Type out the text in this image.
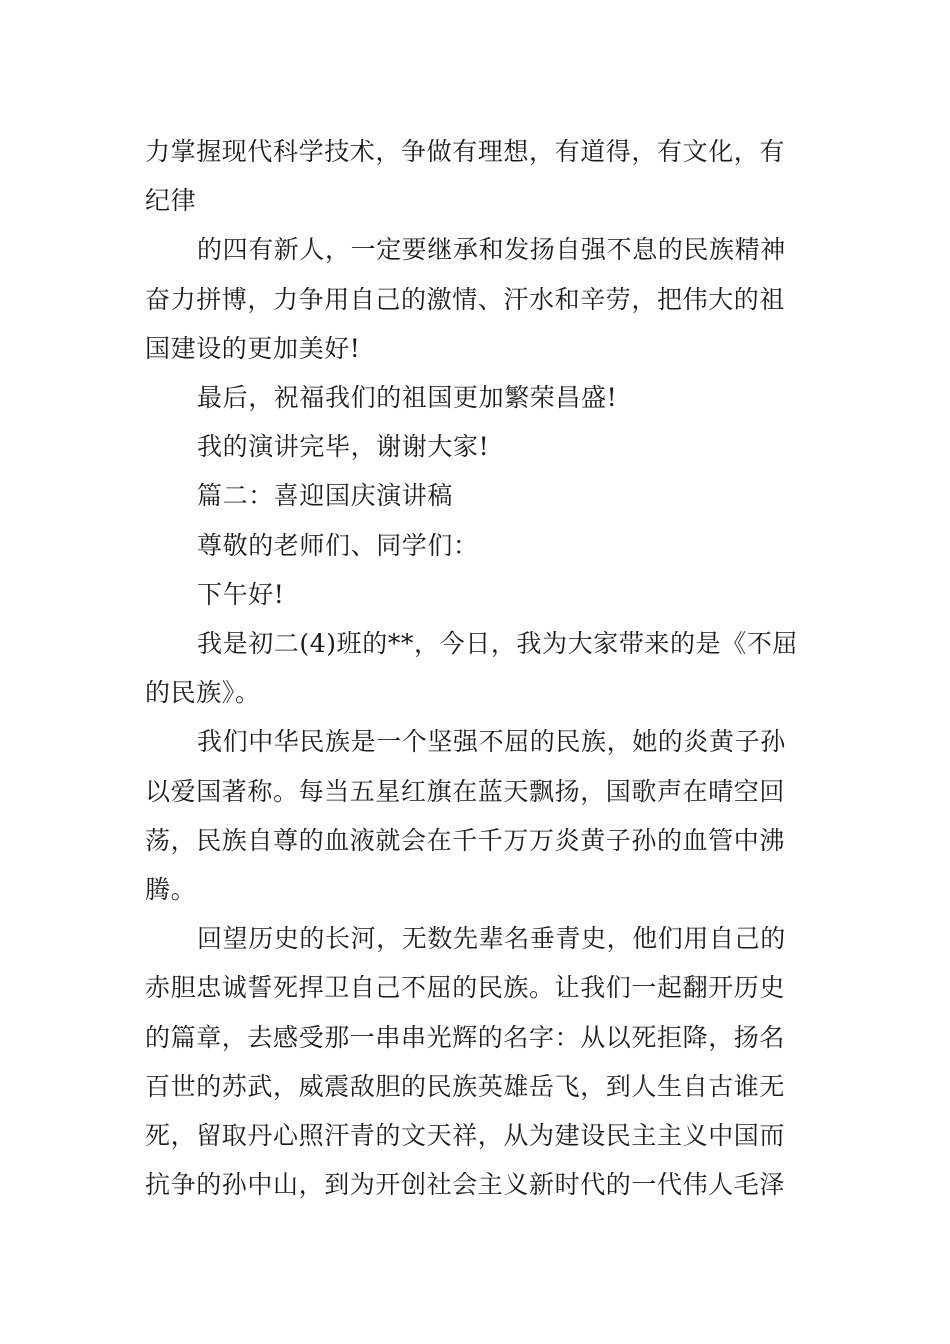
力掌握现代科学技术，争做有理想，有道得，有文化，有纪律

的四有新人，一定要继承和发扬自强不息的民族精神奋力拼博，力争用自己的激情、汗水和辛劳，把伟大的祖国建设的更加美好!

最后，祝福我们的祖国更加繁荣昌盛!

我的演讲完毕，谢谢大家!

篇二：喜迎国庆演讲稿

尊敬的老师们、同学们：

下午好!

我是初二(4)班的**，今日，我为大家带来的是《不屈的民族》。

我们中华民族是一个坚强不屈的民族，她的炎黄子孙以爱国著称。每当五星红旗在蓝天飘扬，国歌声在晴空回荡，民族自尊的血液就会在千千万万炎黄子孙的血管中沸腾。

回望历史的长河，无数先辈名垂青史，他们用自己的赤胆忠诚誓死捍卫自己不屈的民族。让我们一起翻开历史的篇章，去感受那一串串光辉的名字：从以死拒降，扬名百世的苏武，威震敌胆的民族英雄岳飞，到人生自古谁无死，留取丹心照汗青的文天祥，从为建设民主主义中国而抗争的孙中山，到为开创社会主义新时代的一代伟人毛泽
